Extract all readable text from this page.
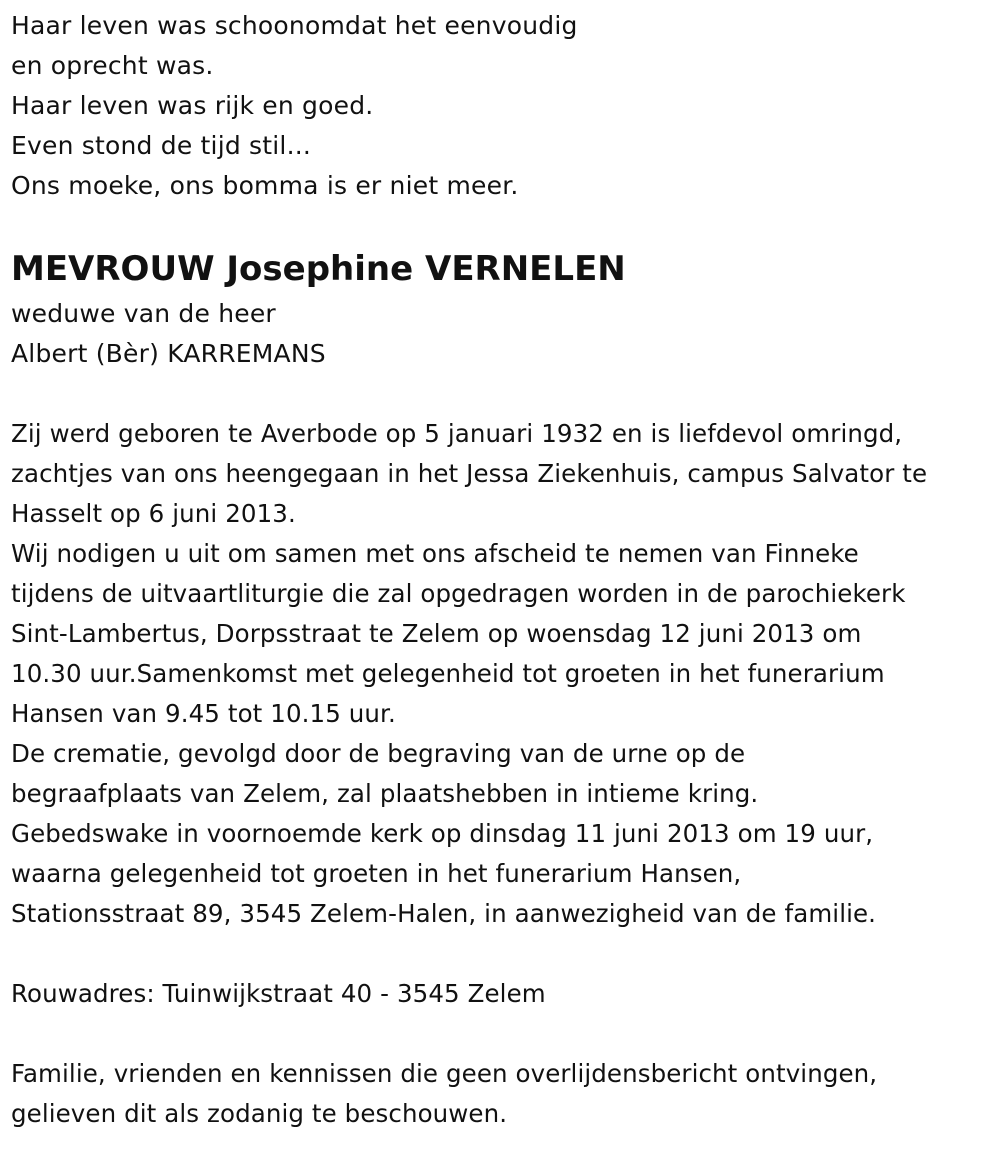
Haar leven was schoonomdat het eenvoudig
en oprecht was.
Haar leven was rijk en goed.
Even stond de tijd stil...
Ons moeke, ons bomma is er niet meer.
MEVROUW Josephine VERNELEN
weduwe van de heer
Albert (Bèr) KARREMANS
Zij werd geboren te Averbode op 5 januari 1932 en is liefdevol omringd,
zachtjes van ons heengegaan in het Jessa Ziekenhuis, campus Salvator te
Hasselt op 6 juni 2013.
Wij nodigen u uit om samen met ons afscheid te nemen van Finneke
tijdens de uitvaartliturgie die zal opgedragen worden in de parochiekerk
Sint-Lambertus, Dorpsstraat te Zelem op woensdag 12 juni 2013 om
10.30 uur.Samenkomst met gelegenheid tot groeten in het funerarium
Hansen van 9.45 tot 10.15 uur.
De crematie, gevolgd door de begraving van de urne op de
begraafplaats van Zelem, zal plaatshebben in intieme kring.
Gebedswake in voornoemde kerk op dinsdag 11 juni 2013 om 19 uur,
waarna gelegenheid tot groeten in het funerarium Hansen,
Stationsstraat 89, 3545 Zelem-Halen, in aanwezigheid van de familie.
Rouwadres: Tuinwijkstraat 40 - 3545 Zelem
Familie, vrienden en kennissen die geen overlijdensbericht ontvingen,
gelieven dit als zodanig te beschouwen.
